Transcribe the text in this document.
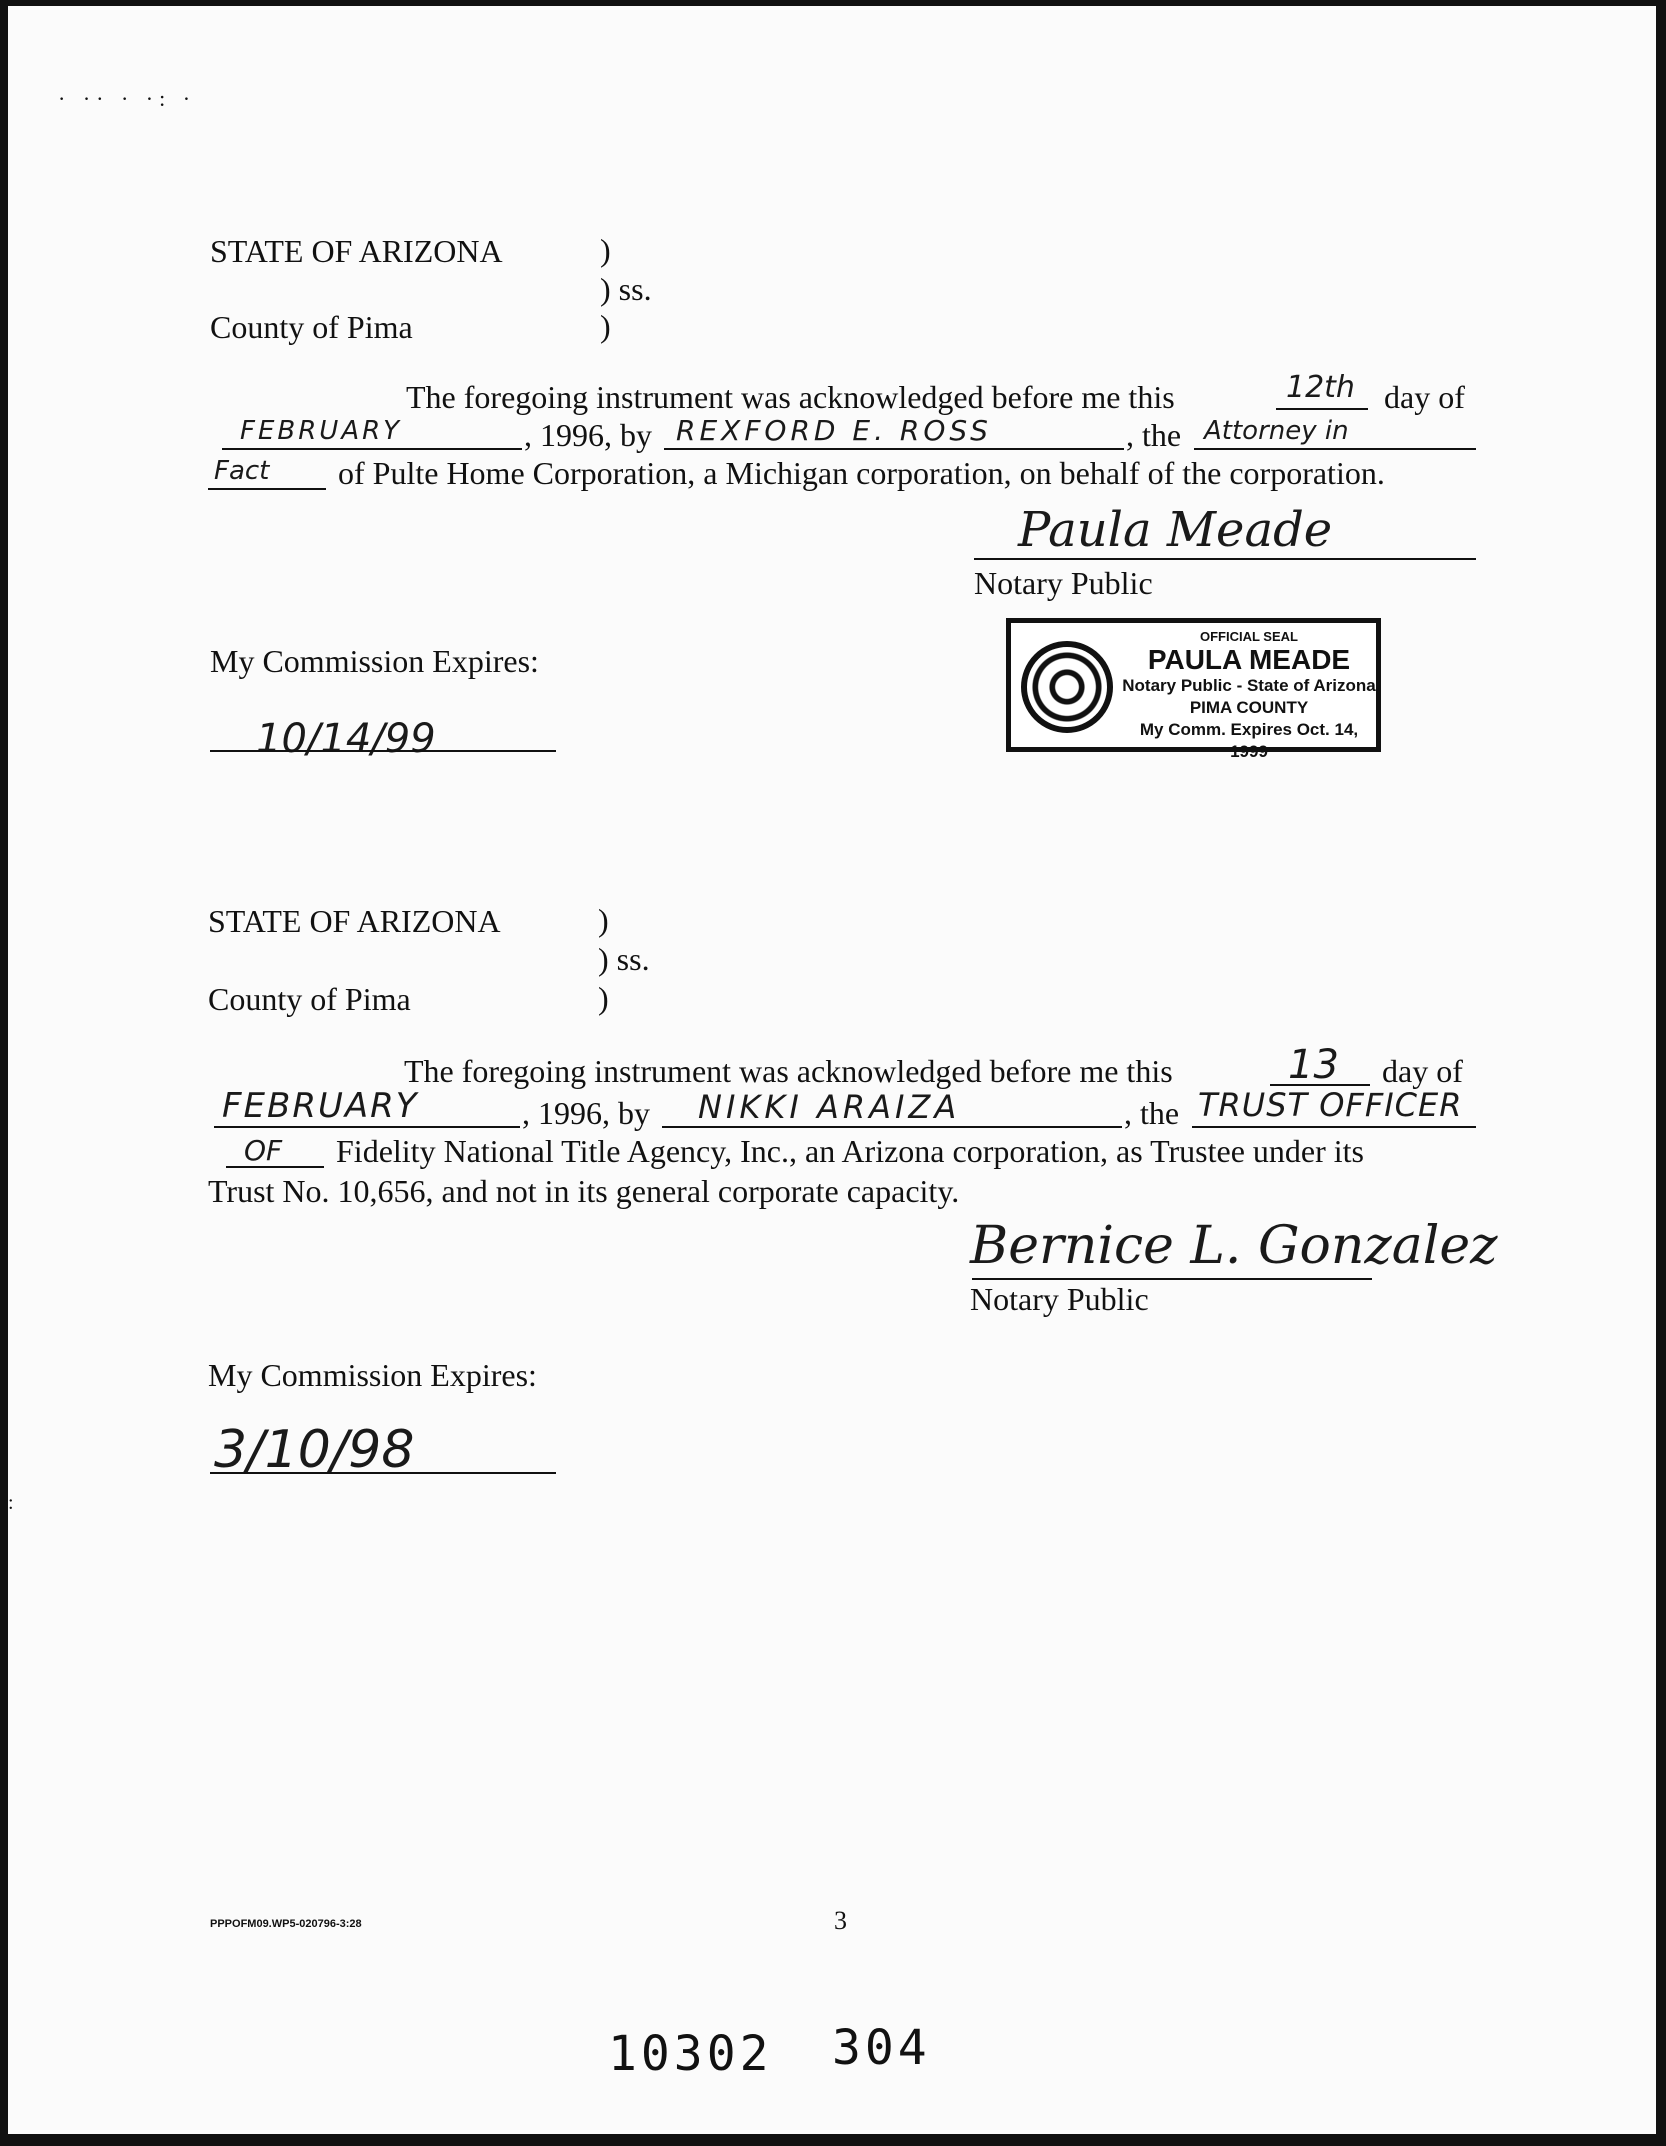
· ·· · ·: ·
STATE OF ARIZONA	)
) ss.
County of Pima	)
The foregoing instrument was acknowledged before me this	12th day of
FEBRUARY	, 1996, by REXFORD E. ROSS	, the Attorney in
Fact of Pulte Home Corporation, a Michigan corporation, on behalf of the corporation.
Paula Meade
Notary Public
My Commission Expires:
10/14/99
OFFICIAL SEAL
PAULA MEADE
Notary Public - State of Arizona
PIMA COUNTY
My Comm. Expires Oct. 14, 1999
STATE OF ARIZONA	)
) ss.
County of Pima	)
The foregoing instrument was acknowledged before me this	13 day of
FEBRUARY	, 1996, by NIKKI ARAIZA	, the TRUST OFFICER
OF Fidelity National Title Agency, Inc., an Arizona corporation, as Trustee under its
Trust No. 10,656, and not in its general corporate capacity.
Bernice L. Gonzalez
Notary Public
My Commission Expires:
3/10/98
PPPOFM09.WP5-020796-3:28	3
10302 304
:
